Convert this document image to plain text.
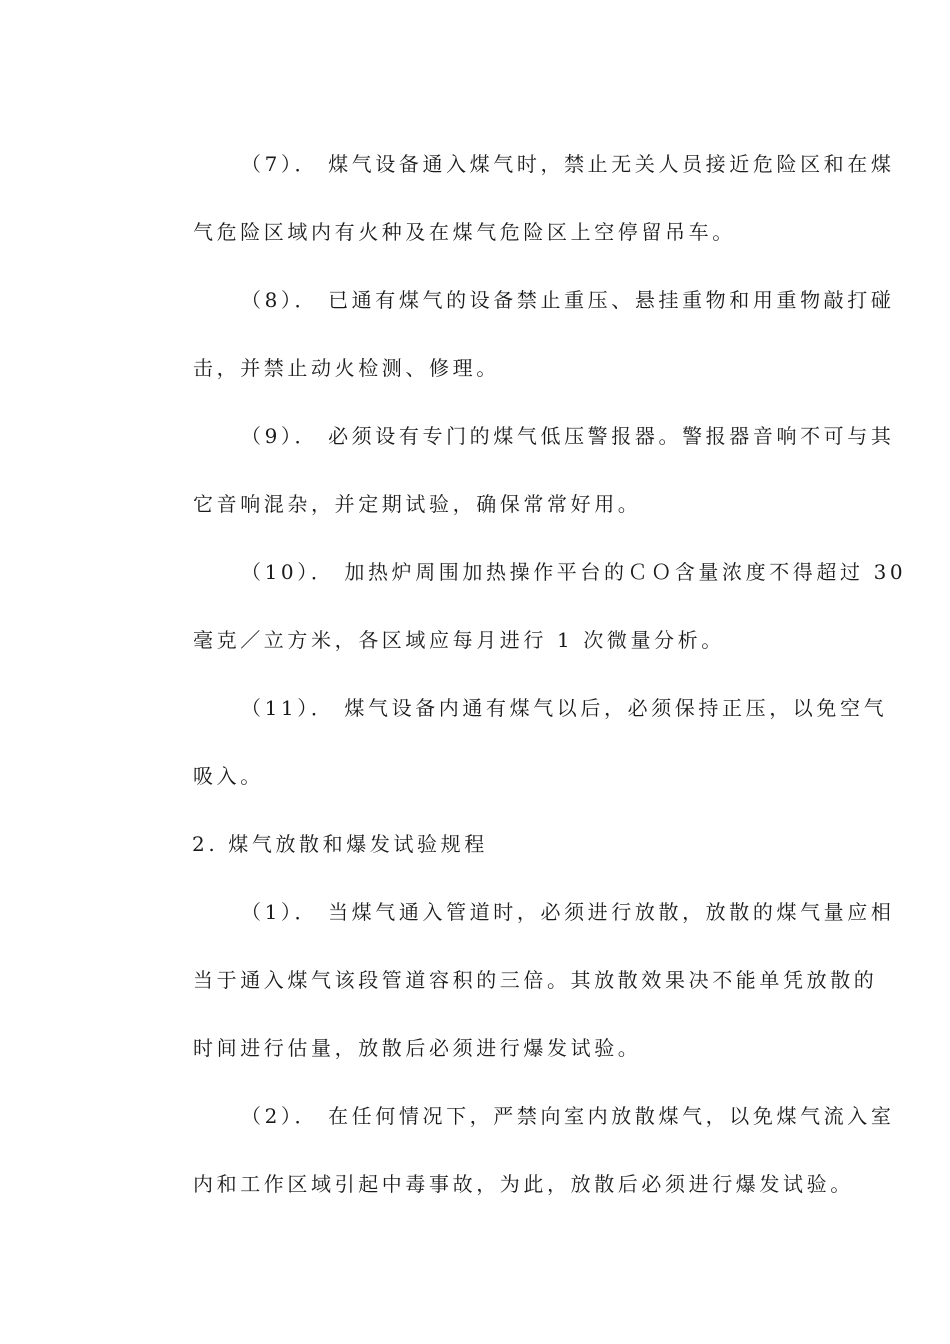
（7）． 煤气设备通入煤气时，禁止无关人员接近危险区和在煤
气危险区域内有火种及在煤气危险区上空停留吊车。
（8）． 已通有煤气的设备禁止重压、悬挂重物和用重物敲打碰
击，并禁止动火检测、修理。
（9）． 必须设有专门的煤气低压警报器。警报器音响不可与其
它音响混杂，并定期试验，确保常常好用。
（10）． 加热炉周围加热操作平台的ＣＯ含量浓度不得超过 30
毫克／立方米，各区域应每月进行 1 次微量分析。
（11）． 煤气设备内通有煤气以后，必须保持正压，以免空气
吸入。
2. 煤气放散和爆发试验规程
（1）． 当煤气通入管道时，必须进行放散，放散的煤气量应相
当于通入煤气该段管道容积的三倍。其放散效果决不能单凭放散的
时间进行估量，放散后必须进行爆发试验。
（2）． 在任何情况下，严禁向室内放散煤气，以免煤气流入室
内和工作区域引起中毒事故，为此，放散后必须进行爆发试验。
